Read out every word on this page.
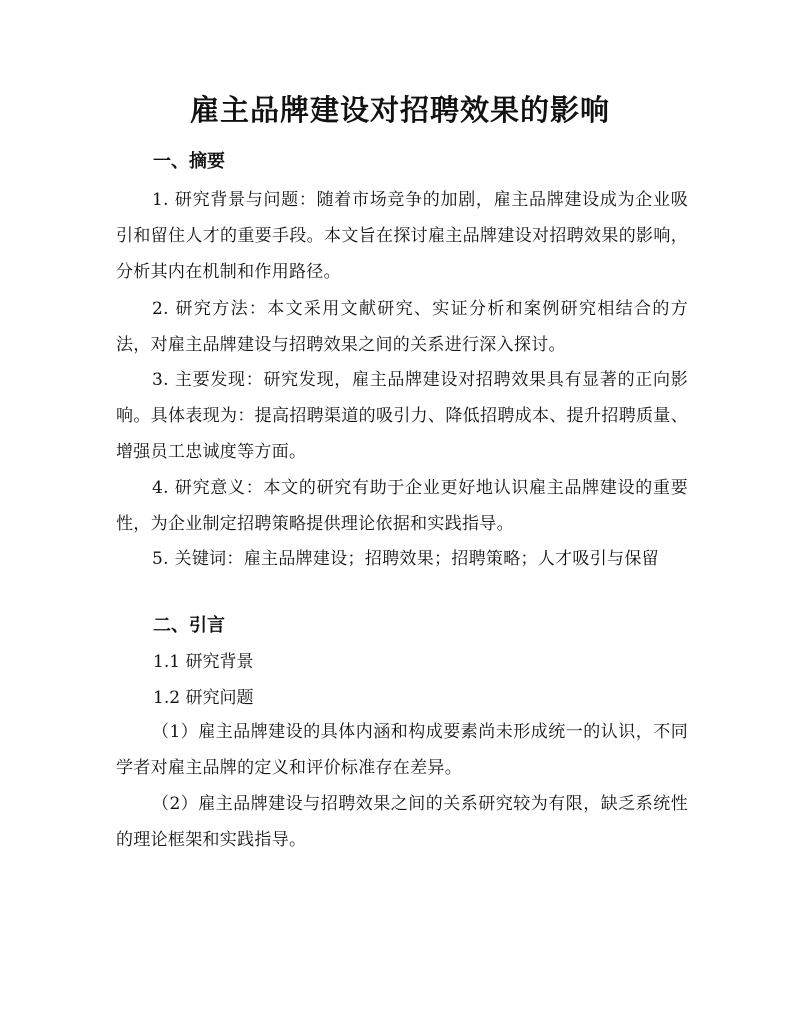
雇主品牌建设对招聘效果的影响
一、摘要

1. 研究背景与问题：随着市场竞争的加剧，雇主品牌建设成为企业吸引和留住人才的重要手段。本文旨在探讨雇主品牌建设对招聘效果的影响，分析其内在机制和作用路径。

2. 研究方法：本文采用文献研究、实证分析和案例研究相结合的方法，对雇主品牌建设与招聘效果之间的关系进行深入探讨。

3. 主要发现：研究发现，雇主品牌建设对招聘效果具有显著的正向影响。具体表现为：提高招聘渠道的吸引力、降低招聘成本、提升招聘质量、增强员工忠诚度等方面。

4. 研究意义：本文的研究有助于企业更好地认识雇主品牌建设的重要性，为企业制定招聘策略提供理论依据和实践指导。

5. 关键词：雇主品牌建设；招聘效果；招聘策略；人才吸引与保留

二、引言

1.1 研究背景

1.2 研究问题

（1）雇主品牌建设的具体内涵和构成要素尚未形成统一的认识，不同学者对雇主品牌的定义和评价标准存在差异。

（2）雇主品牌建设与招聘效果之间的关系研究较为有限，缺乏系统性的理论框架和实践指导。
